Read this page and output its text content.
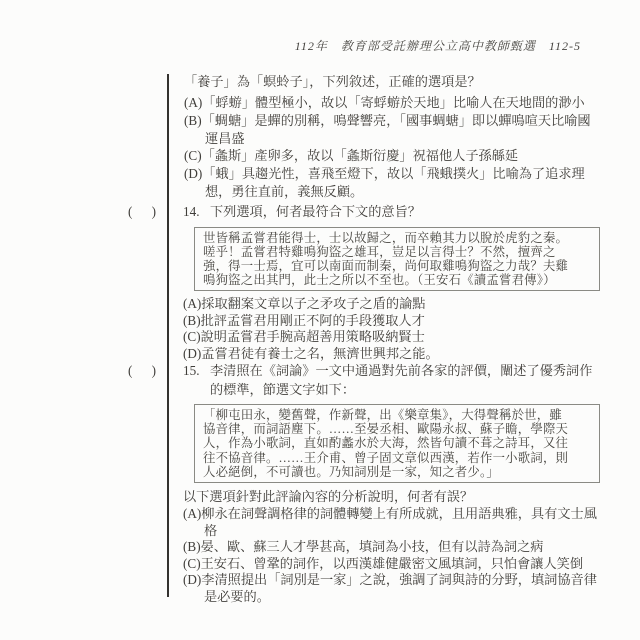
112年　教育部受託辦理公立高中教師甄選　112-5
「養子」為「螟蛉子」，下列敘述，正確的選項是？
(A)「蜉蝣」體型極小，故以「寄蜉蝣於天地」比喻人在天地間的渺小
(B)「蜩螗」是蟬的別稱，鳴聲響亮，「國事蜩螗」即以蟬鳴喧天比喻國運昌盛
(C)「螽斯」產卵多，故以「螽斯衍慶」祝福他人子孫緜延
(D)「蛾」具趨光性，喜飛至燈下，故以「飛蛾撲火」比喻為了追求理想，勇往直前，義無反顧。
(　)	14. 下列選項，何者最符合下文的意旨？
世皆稱孟嘗君能得士，士以故歸之，而卒賴其力以脫於虎豹之秦。
嗟乎！孟嘗君特雞鳴狗盜之雄耳，豈足以言得士？不然，擅齊之
強，得一士焉，宜可以南面而制秦，尚何取雞鳴狗盜之力哉？夫雞
鳴狗盜之出其門，此士之所以不至也。（王安石《讀孟嘗君傳》）
(A)採取翻案文章以子之矛攻子之盾的論點
(B)批評孟嘗君用剛正不阿的手段獲取人才
(C)說明孟嘗君手腕高超善用策略吸納賢士
(D)孟嘗君徒有養士之名，無濟世興邦之能。
(　)	15. 李清照在《詞論》一文中通過對先前各家的評價，闡述了優秀詞作的標準，節選文字如下：
「柳屯田永，變舊聲，作新聲，出《樂章集》，大得聲稱於世，雖
協音律，而詞語塵下。……至晏丞相、歐陽永叔、蘇子瞻，學際天
人，作為小歌詞，直如酌蠡水於大海，然皆句讀不葺之詩耳，又往
往不協音律。……王介甫、曾子固文章似西漢，若作一小歌詞，則
人必絕倒，不可讀也。乃知詞別是一家，知之者少。」
以下選項針對此評論內容的分析說明，何者有誤？
(A)柳永在詞聲調格律的詞體轉變上有所成就，且用語典雅，具有文士風格
(B)晏、歐、蘇三人才學甚高，填詞為小技，但有以詩為詞之病
(C)王安石、曾鞏的詞作，以西漢雄健嚴密文風填詞，只怕會讓人笑倒
(D)李清照提出「詞別是一家」之說，強調了詞與詩的分野，填詞協音律是必要的。
